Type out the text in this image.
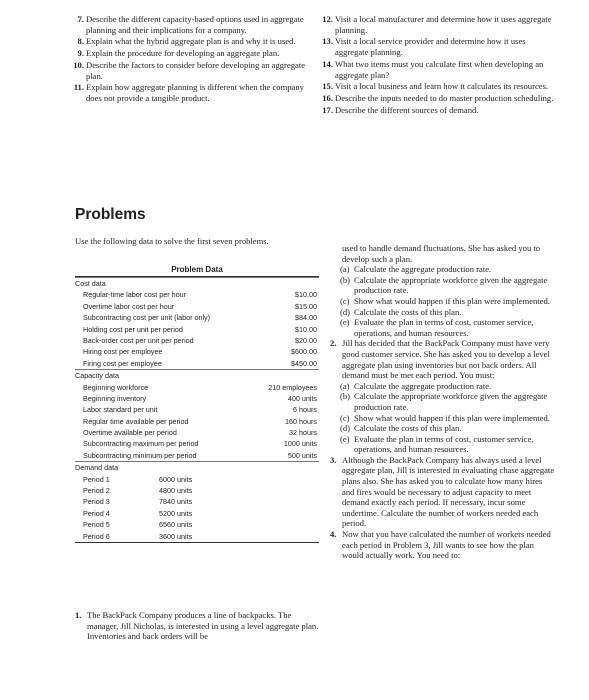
7. Describe the different capacity-based options used in aggregate planning and their implications for a company.
8. Explain what the hybrid aggregate plan is and why it is used.
9. Explain the procedure for developing an aggregate plan.
10. Describe the factors to consider before developing an aggregate plan.
11. Explain how aggregate planning is different when the company does not provide a tangible product.
12. Visit a local manufacturer and determine how it uses aggregate planning.
13. Visit a local service provider and determine how it uses aggregate planning.
14. What two items must you calculate first when developing an aggregate plan?
15. Visit a local business and learn how it calculates its resources.
16. Describe the inputs needed to do master production scheduling.
17. Describe the different sources of demand.
Problems
Use the following data to solve the first seven problems.
Problem Data
Cost data
Regular-time labor cost per hour	$10.00
Overtime labor cost per hour	$15.00
Subcontracting cost per unit (labor only)	$84.00
Holding cost per unit per period	$10.00
Back-order cost per unit per period	$20.00
Hiring cost per employee	$600.00
Firing cost per employee	$450.00
Capacity data
Beginning workforce	210 employees
Beginning inventory	400 units
Labor standard per unit	6 hours
Regular time available per period	160 hours
Overtime available per period	32 hours
Subcontracting maximum per period	1000 units
Subcontracting minimum per period	500 units
Demand data
Period 1	6000 units
Period 2	4800 units
Period 3	7840 units
Period 4	5200 units
Period 5	6560 units
Period 6	3600 units

1. The BackPack Company produces a line of backpacks. The manager, Jill Nicholas, is interested in using a level aggregate plan. Inventories and back orders will be

used to handle demand fluctuations. She has asked you to develop such a plan.

(a) Calculate the aggregate production rate.
(b) Calculate the appropriate workforce given the aggregate production rate.
(c) Show what would happen if this plan were implemented.
(d) Calculate the costs of this plan.
(e) Evaluate the plan in terms of cost, customer service, operations, and human resources.

2. Jill has decided that the BackPack Company must have very good customer service. She has asked you to develop a level aggregate plan using inventories but not back orders. All demand must be met each period. You must:

(a) Calculate the aggregate production rate.
(b) Calculate the appropriate workforce given the aggregate production rate.
(c) Show what would happen if this plan were implemented.
(d) Calculate the costs of this plan.
(e) Evaluate the plan in terms of cost, customer service, operations, and human resources.

3. Although the BackPack Company has always used a level aggregate plan, Jill is interested in evaluating chase aggregate plans also. She has asked you to calculate how many hires and fires would be necessary to adjust capacity to meet demand exactly each period. If necessary, incur some undertime. Calculate the number of workers needed each period.

4. Now that you have calculated the number of workers needed each period in Problem 3, Jill wants to see how the plan would actually work. You need to:
